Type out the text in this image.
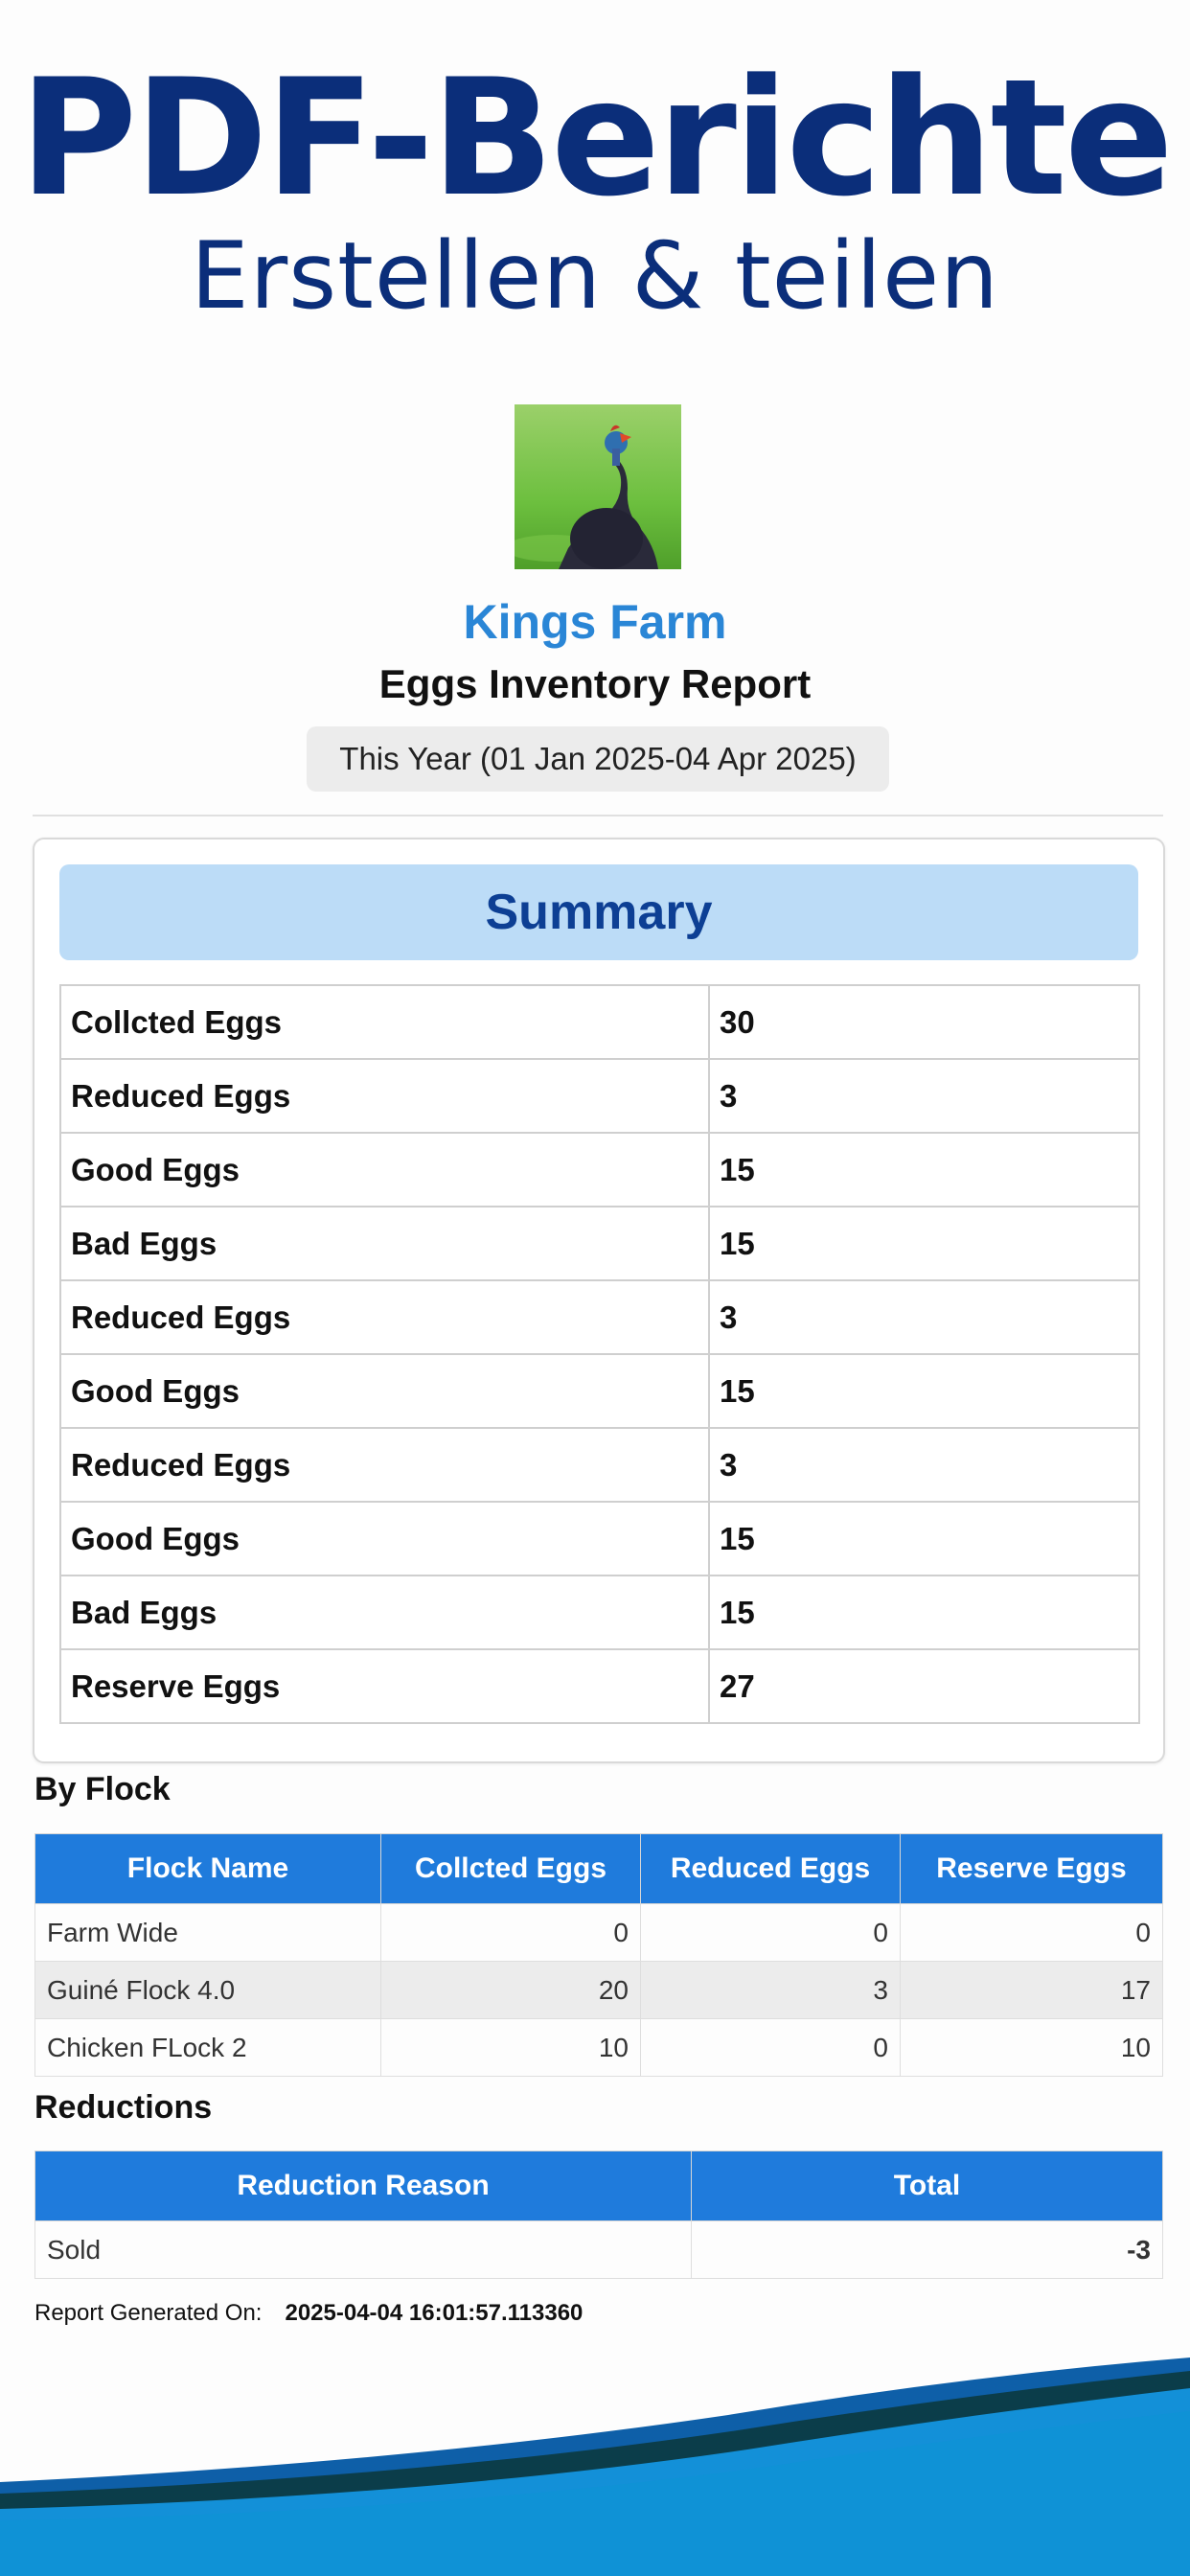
PDF-Berichte
Erstellen & teilen
Kings Farm
Eggs Inventory Report
This Year (01 Jan 2025-04 Apr 2025)
Summary
Collcted Eggs	30
Reduced Eggs	3
Good Eggs	15
Bad Eggs	15
Reduced Eggs	3
Good Eggs	15
Reduced Eggs	3
Good Eggs	15
Bad Eggs	15
Reserve Eggs	27
By Flock
Flock Name	Collcted Eggs	Reduced Eggs	Reserve Eggs
Farm Wide	0	0	0
Guiné Flock 4.0	20	3	17
Chicken FLock 2	10	0	10
Reductions
Reduction Reason	Total
Sold	-3
Report Generated On: 2025-04-04 16:01:57.113360
